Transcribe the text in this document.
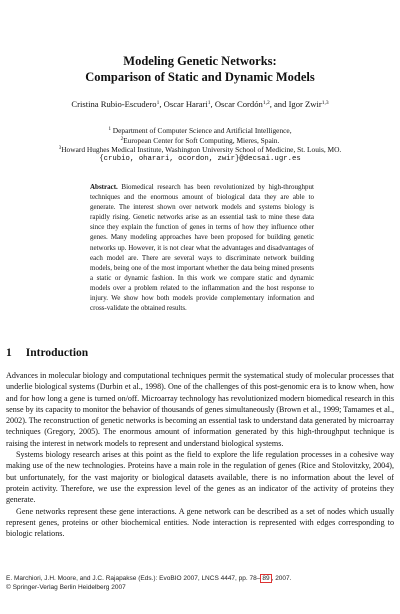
Modeling Genetic Networks:
Comparison of Static and Dynamic Models
Cristina Rubio-Escudero$^1$, Oscar Harari$^1$, Oscar Cordón$^{1,2}$, and Igor Zwir$^{1,3}$
$^1$ Department of Computer Science and Artificial Intelligence,
$^2$European Center for Soft Computing, Mieres, Spain.
$^3$Howard Hughes Medical Institute, Washington University School of Medicine, St. Louis, MO.
{crubio, oharari, ocordon, zwir}@decsai.ugr.es
Abstract. Biomedical research has been revolutionized by high-throughput techniques and the enormous amount of biological data they are able to generate. The interest shown over network models and systems biology is rapidly rising. Genetic networks arise as an essential task to mine these data since they explain the function of genes in terms of how they influence other genes. Many modeling approaches have been proposed for building genetic networks up. However, it is not clear what the advantages and disadvantages of each model are. There are several ways to discriminate network building models, being one of the most important whether the data being mined presents a static or dynamic fashion. In this work we compare static and dynamic models over a problem related to the inflammation and the host response to injury. We show how both models provide complementary information and cross-validate the obtained results.
1 Introduction

Advances in molecular biology and computational techniques permit the systematical study of molecular processes that underlie biological systems (Durbin et al., 1998). One of the challenges of this post-genomic era is to know when, how and for how long a gene is turned on/off. Microarray technology has revolutionized modern biomedical research in this sense by its capacity to monitor the behavior of thousands of genes simultaneously (Brown et al., 1999; Tamames et al., 2002). The reconstruction of genetic networks is becoming an essential task to understand data generated by microarray techniques (Gregory, 2005). The enormous amount of information generated by this high-throughput technique is raising the interest in network models to represent and understand biological systems.

Systems biology research arises at this point as the field to explore the life regulation processes in a cohesive way making use of the new technologies. Proteins have a main role in the regulation of genes (Rice and Stolovitzky, 2004), but unfortunately, for the vast majority or biological datasets available, there is no information about the level of protein activity. Therefore, we use the expression level of the genes as an indicator of the activity of proteins they generate.

Gene networks represent these gene interactions. A gene network can be described as a set of nodes which usually represent genes, proteins or other biochemical entities. Node interaction is represented with edges corresponding to biologic relations.

E. Marchiori, J.H. Moore, and J.C. Rajapakse (Eds.): EvoBIO 2007, LNCS 4447, pp. 78– 89 , 2007.
© Springer-Verlag Berlin Heidelberg 2007
